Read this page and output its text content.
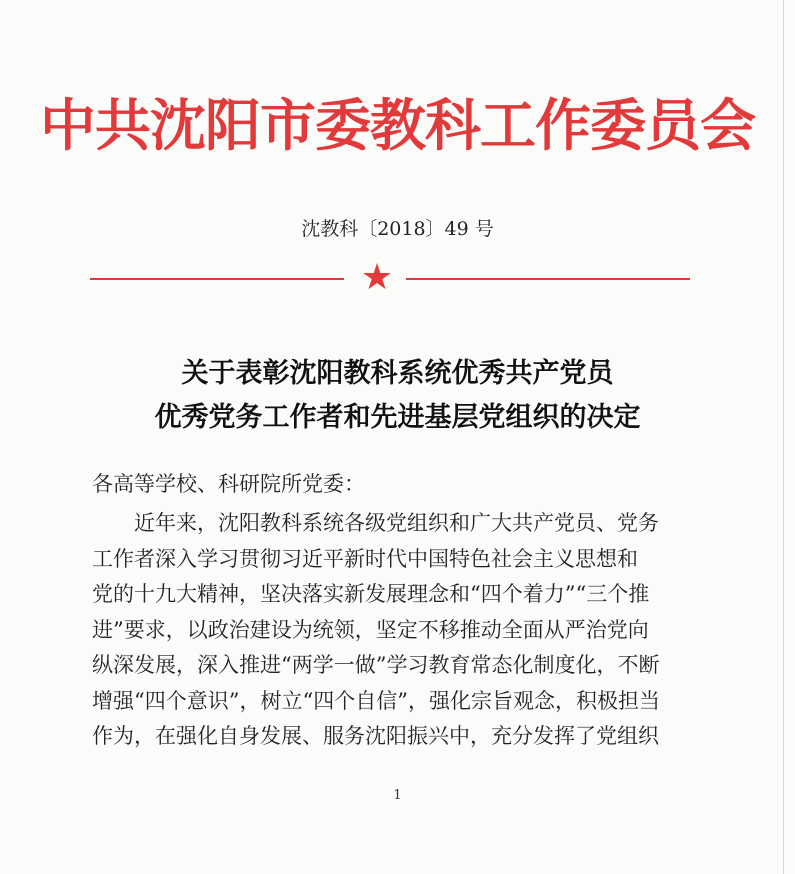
中共沈阳市委教科工作委员会
沈教科〔2018〕49 号
★
关于表彰沈阳教科系统优秀共产党员
优秀党务工作者和先进基层党组织的决定
各高等学校、科研院所党委：
近年来，沈阳教科系统各级党组织和广大共产党员、党务
工作者深入学习贯彻习近平新时代中国特色社会主义思想和
党的十九大精神，坚决落实新发展理念和“四个着力”“三个推
进”要求，以政治建设为统领，坚定不移推动全面从严治党向
纵深发展，深入推进“两学一做”学习教育常态化制度化，不断
增强“四个意识”，树立“四个自信”，强化宗旨观念，积极担当
作为，在强化自身发展、服务沈阳振兴中，充分发挥了党组织
1
